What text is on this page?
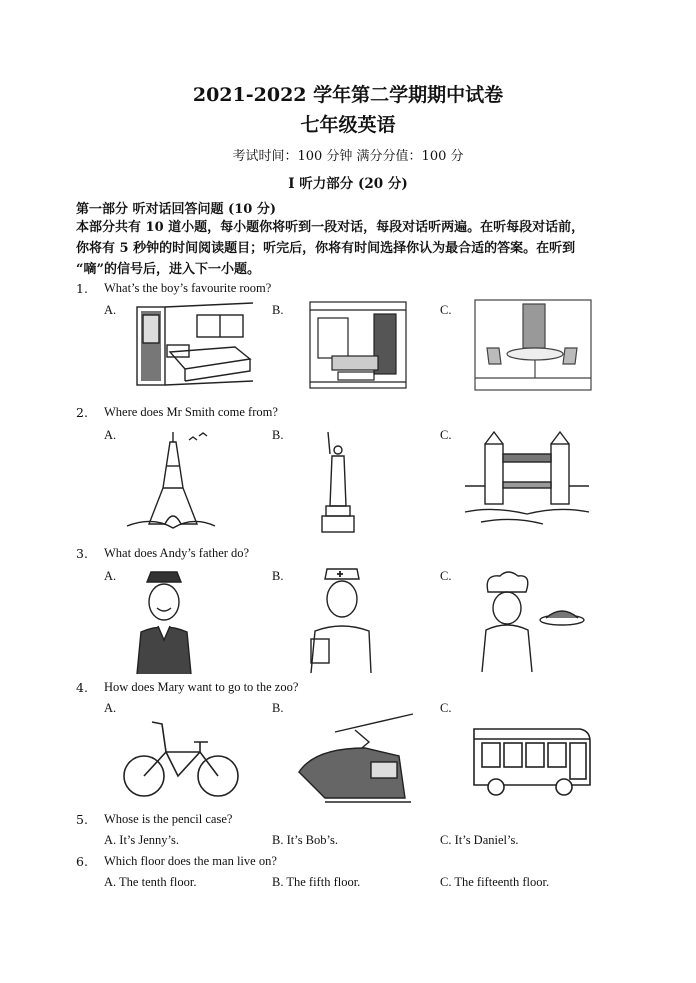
2021-2022 学年第二学期期中试卷
七年级英语
考试时间：100 分钟 满分分值：100 分
I 听力部分 (20 分)
第一部分 听对话回答问题 (10 分)
本部分共有 10 道小题，每小题你将听到一段对话，每段对话听两遍。在听每段对话前，
你将有 5 秒钟的时间阅读题目；听完后，你将有时间选择你认为最合适的答案。在听到
“嘀”的信号后，进入下一小题。
1. What’s the boy’s favourite room?
A.	B.	C.
2. Where does Mr Smith come from?
A.	B.	C.
3. What does Andy’s father do?
A.	B.	C.
4. How does Mary want to go to the zoo?
A.	B.	C.
5. Whose is the pencil case?
A. It’s Jenny’s.	B. It’s Bob’s.	C. It’s Daniel’s.
6. Which floor does the man live on?
A. The tenth floor.	B. The fifth floor.	C. The fifteenth floor.
